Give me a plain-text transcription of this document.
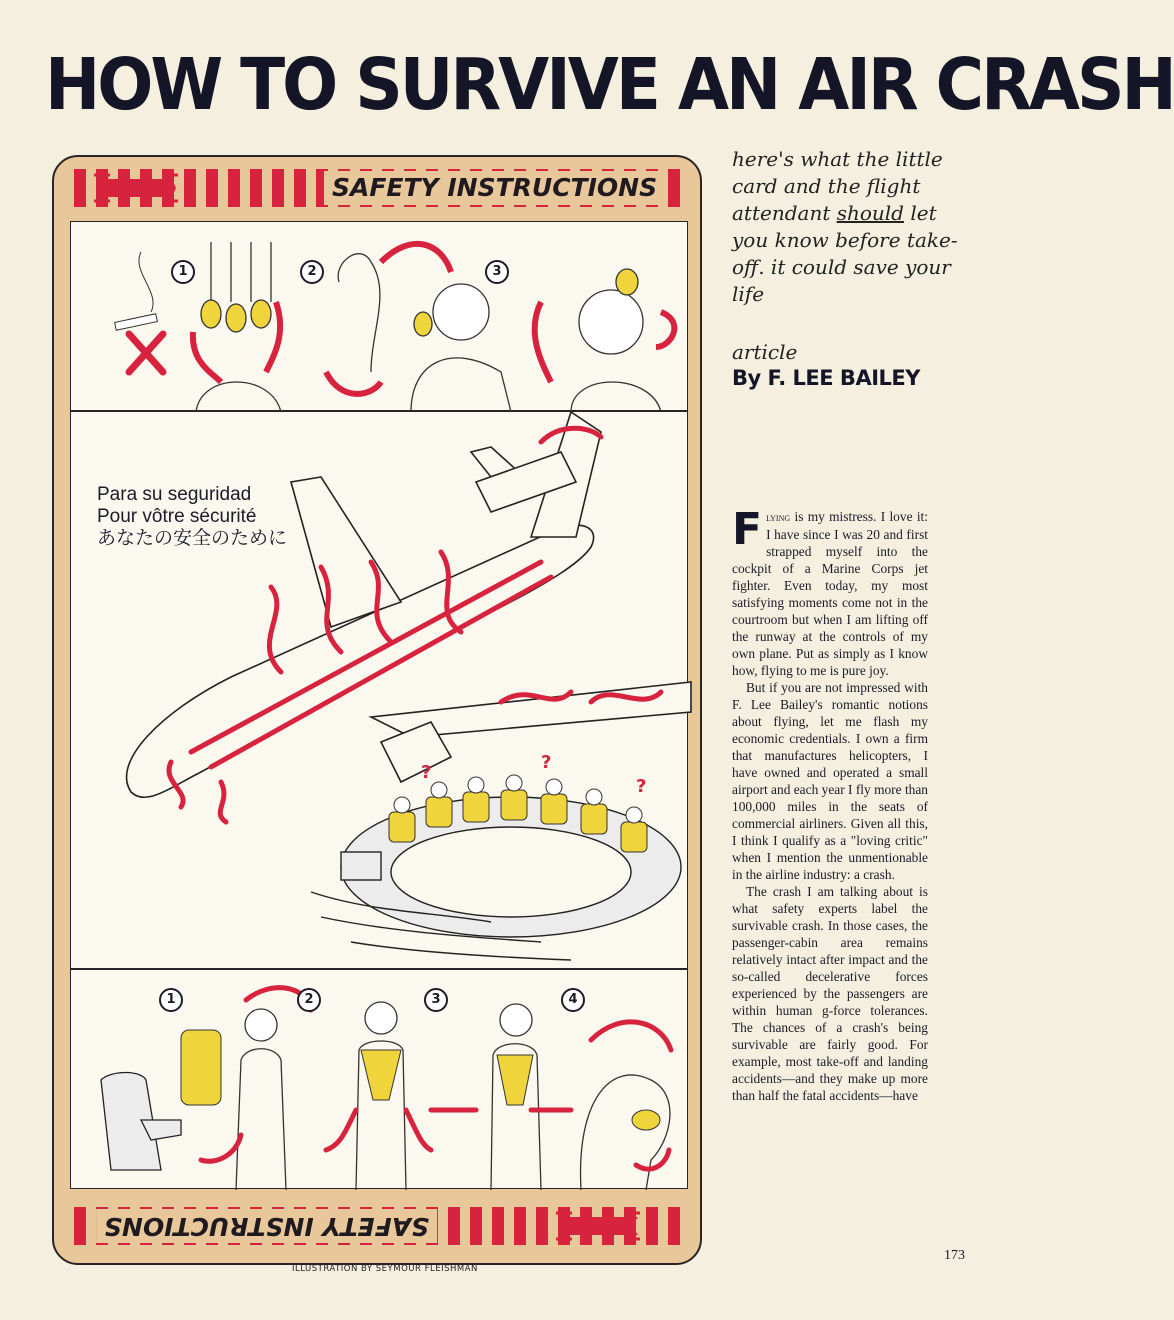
HOW TO SURVIVE AN AIR CRASH
SAFETY INSTRUCTIONS
1	2	3
?	?
?
Para su seguridad
Pour vôtre sécurité
あなたの安全のために
1	2	3	4
SAFETY INSTRUCTIONS
ILLUSTRATION BY SEYMOUR FLEISHMAN
here's what the little card and the flight attendant should let you know before take-off. it could save your life
article
By F. LEE BAILEY

Flying is my mistress. I love it: I have since I was 20 and first strapped myself into the cockpit of a Marine Corps jet fighter. Even today, my most satisfying moments come not in the courtroom but when I am lifting off the runway at the controls of my own plane. Put as simply as I know how, flying to me is pure joy.

But if you are not impressed with F. Lee Bailey's romantic notions about flying, let me flash my economic credentials. I own a firm that manufactures helicopters, I have owned and operated a small airport and each year I fly more than 100,000 miles in the seats of commercial airliners. Given all this, I think I qualify as a "loving critic" when I mention the unmentionable in the airline industry: a crash.

The crash I am talking about is what safety experts label the survivable crash. In those cases, the passenger-cabin area remains relatively intact after impact and the so-called decelerative forces experienced by the passengers are within human g-force tolerances. The chances of a crash's being survivable are fairly good. For example, most take-off and landing accidents—and they make up more than half the fatal accidents—have

173
